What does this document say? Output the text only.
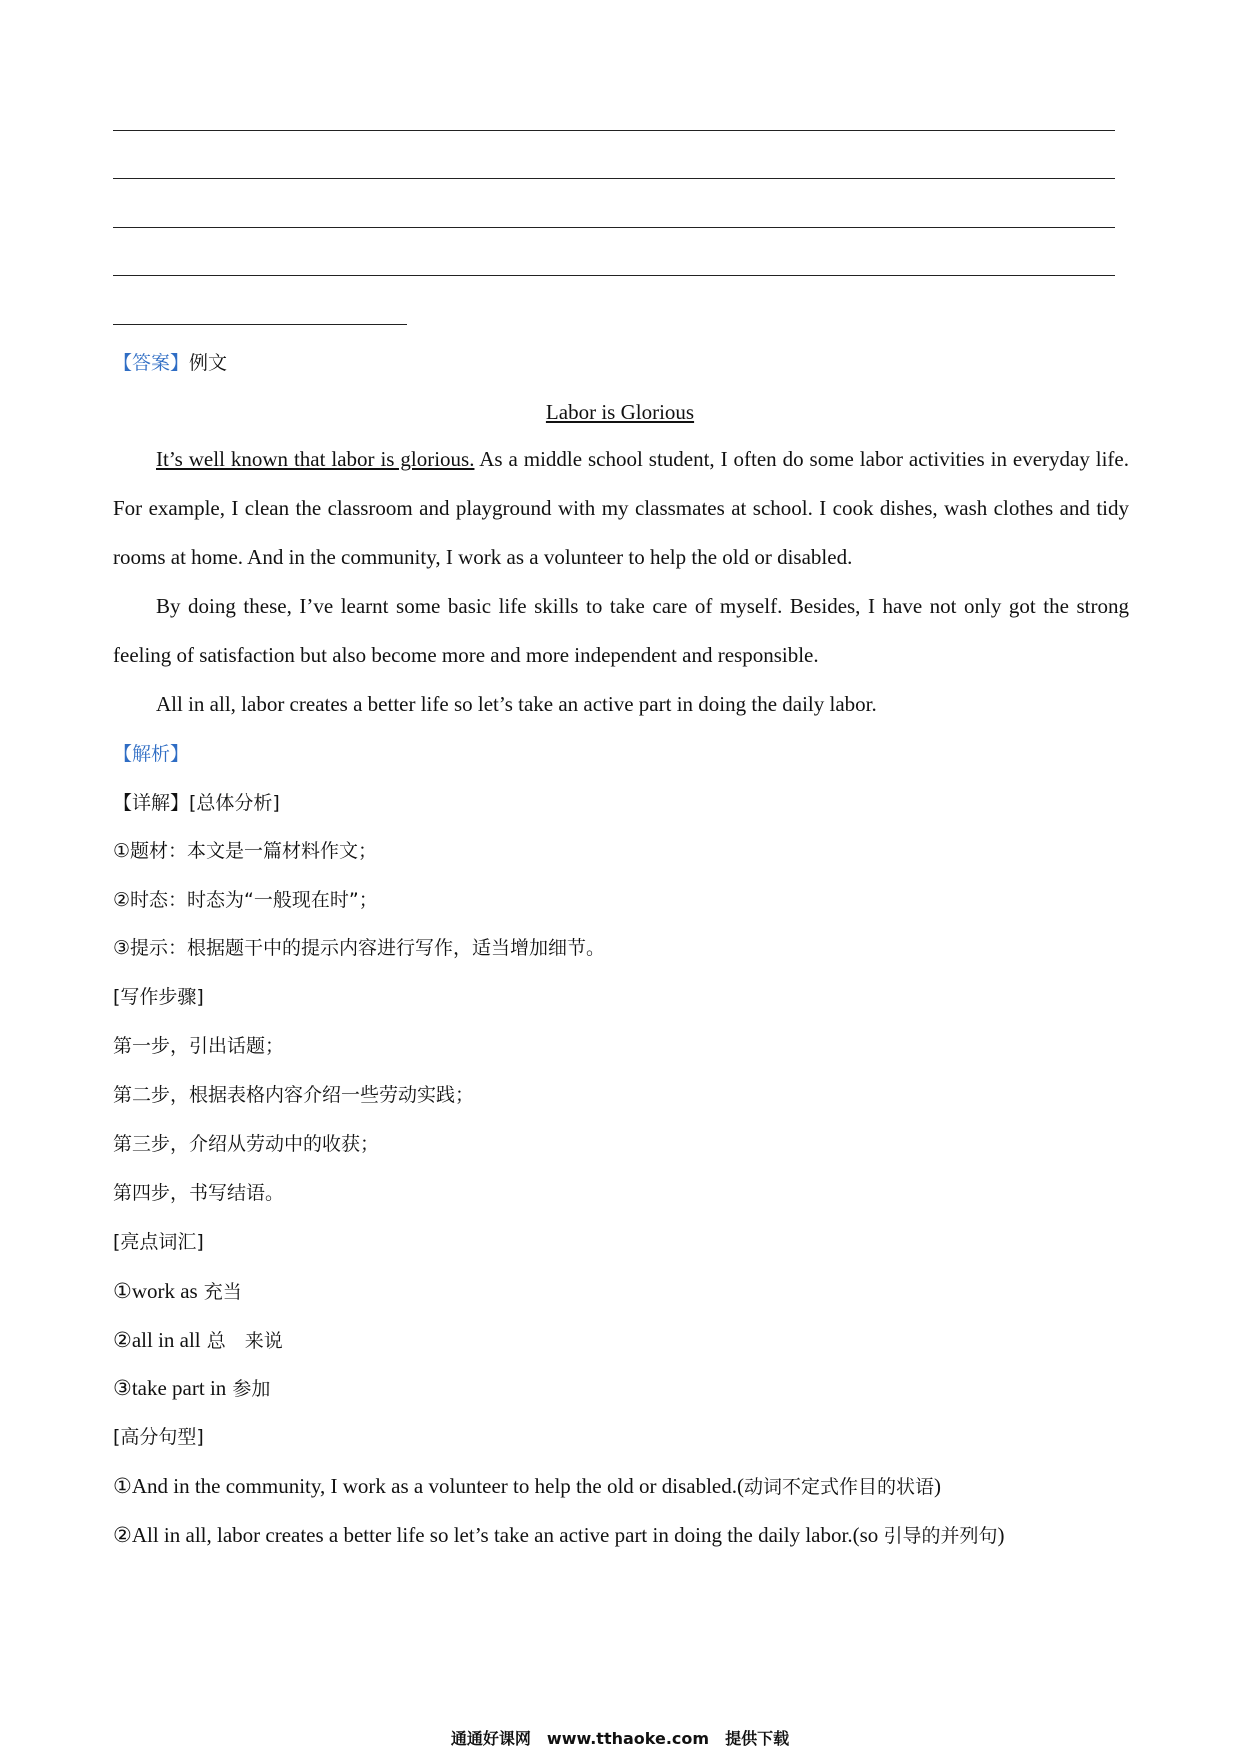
【答案】例文
Labor is Glorious
It’s well known that labor is glorious. As a middle school student, I often do some labor activities in everyday life. For example, I clean the classroom and playground with my classmates at school. I cook dishes, wash clothes and tidy rooms at home. And in the community, I work as a volunteer to help the old or disabled.
By doing these, I’ve learnt some basic life skills to take care of myself. Besides, I have not only got the strong feeling of satisfaction but also become more and more independent and responsible.
All in all, labor creates a better life so let’s take an active part in doing the daily labor.
【解析】
【详解】[总体分析]
①题材：本文是一篇材料作文；
②时态：时态为“一般现在时”；
③提示：根据题干中的提示内容进行写作，适当增加细节。
[写作步骤]
第一步，引出话题；
第二步，根据表格内容介绍一些劳动实践；
第三步，介绍从劳动中的收获；
第四步，书写结语。
[亮点词汇]
①work as 充当
②all in all 总　来说
③take part in 参加
[高分句型]
①And in the community, I work as a volunteer to help the old or disabled.(动词不定式作目的状语)
②All in all, labor creates a better life so let’s take an active part in doing the daily labor.(so 引导的并列句)
通通好课网　www.tthaoke.com　提供下载
